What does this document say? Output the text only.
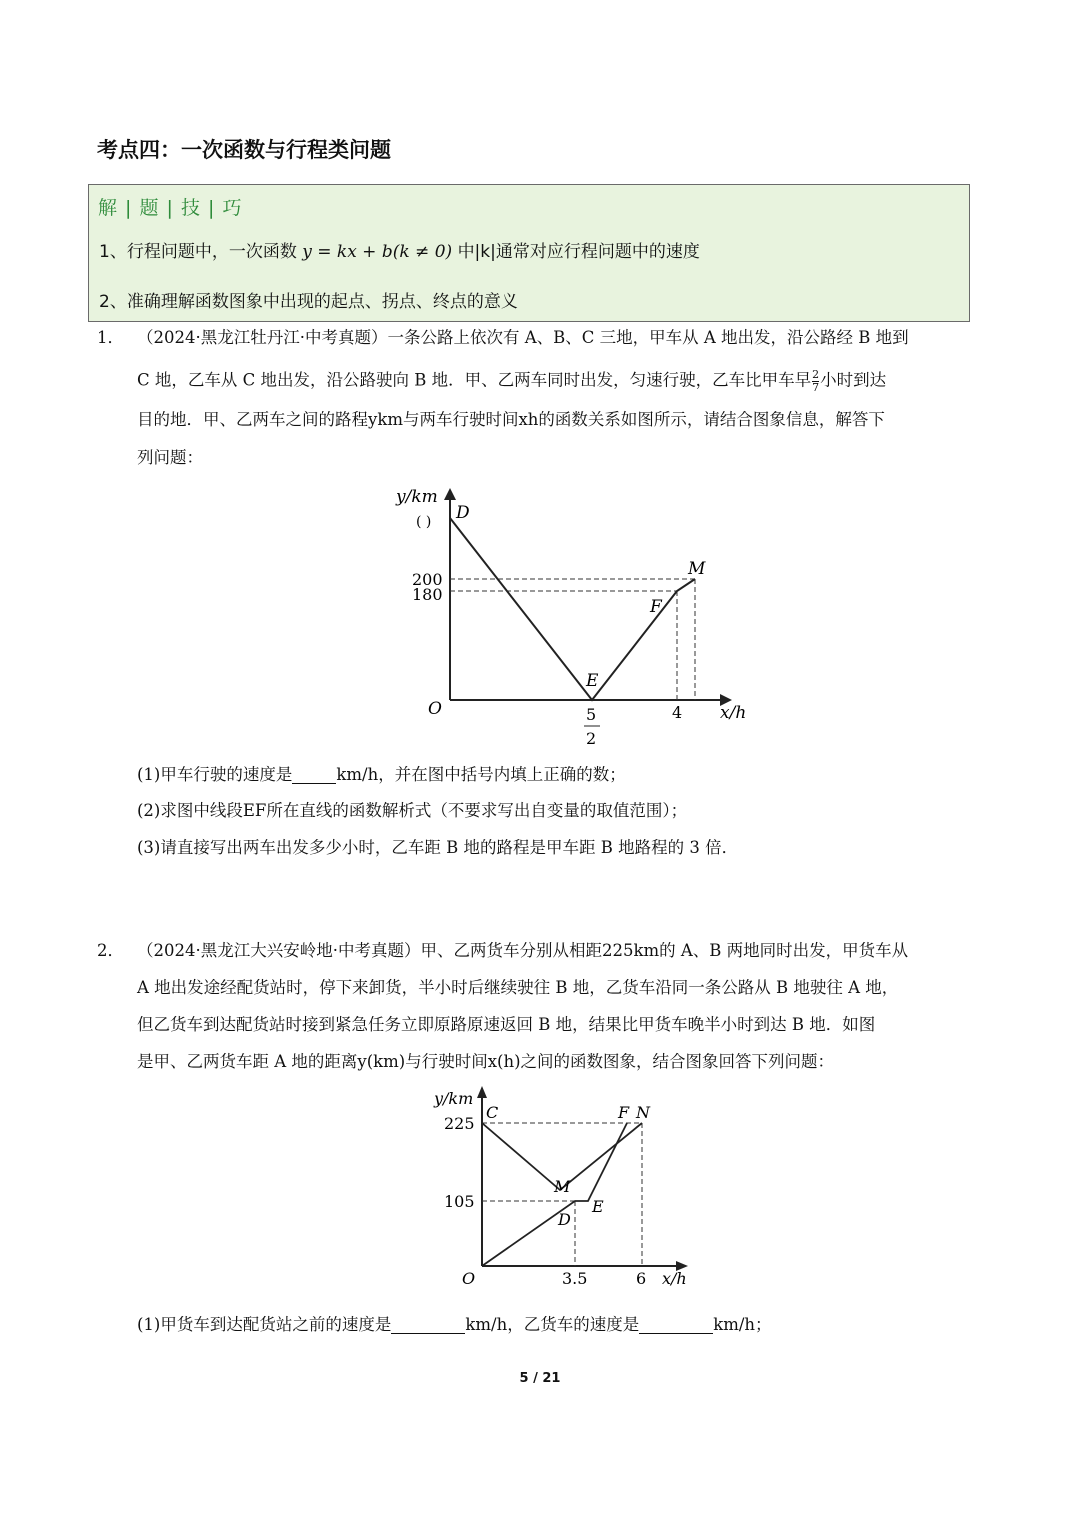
考点四：一次函数与行程类问题
解 | 题 | 技 | 巧
1、行程问题中，一次函数 y = kx + b(k ≠ 0) 中|k|通常对应行程问题中的速度
2、准确理解函数图象中出现的起点、拐点、终点的意义
1． （2024·黑龙江牡丹江·中考真题）一条公路上依次有 A、B、C 三地，甲车从 A 地出发，沿公路经 B 地到
C 地，乙车从 C 地出发，沿公路驶向 B 地．甲、乙两车同时出发，匀速行驶，乙车比甲车早 $\frac{2}{7}$ 小时到达
目的地．甲、乙两车之间的路程ykm与两车行驶时间xh的函数关系如图所示，请结合图象信息，解答下
列问题：
y/km
x/h
O
( )
200
180
5
2
4
D
E
F
M
(1)甲车行驶的速度是	km/h，并在图中括号内填上正确的数；
(2)求图中线段EF所在直线的函数解析式（不要求写出自变量的取值范围）；
(3)请直接写出两车出发多少小时，乙车距 B 地的路程是甲车距 B 地路程的 3 倍．
2． （2024·黑龙江大兴安岭地·中考真题）甲、乙两货车分别从相距225km的 A、B 两地同时出发，甲货车从
A 地出发途经配货站时，停下来卸货，半小时后继续驶往 B 地，乙货车沿同一条公路从 B 地驶往 A 地，
但乙货车到达配货站时接到紧急任务立即原路原速返回 B 地，结果比甲货车晚半小时到达 B 地．如图
是甲、乙两货车距 A 地的距离y(km)与行驶时间x(h)之间的函数图象，结合图象回答下列问题：
y/km
x/h
O
225
105
3.5	6
C
M
D
E
F N
(1)甲货车到达配货站之前的速度是	km/h，乙货车的速度是	km/h；
5 / 21
